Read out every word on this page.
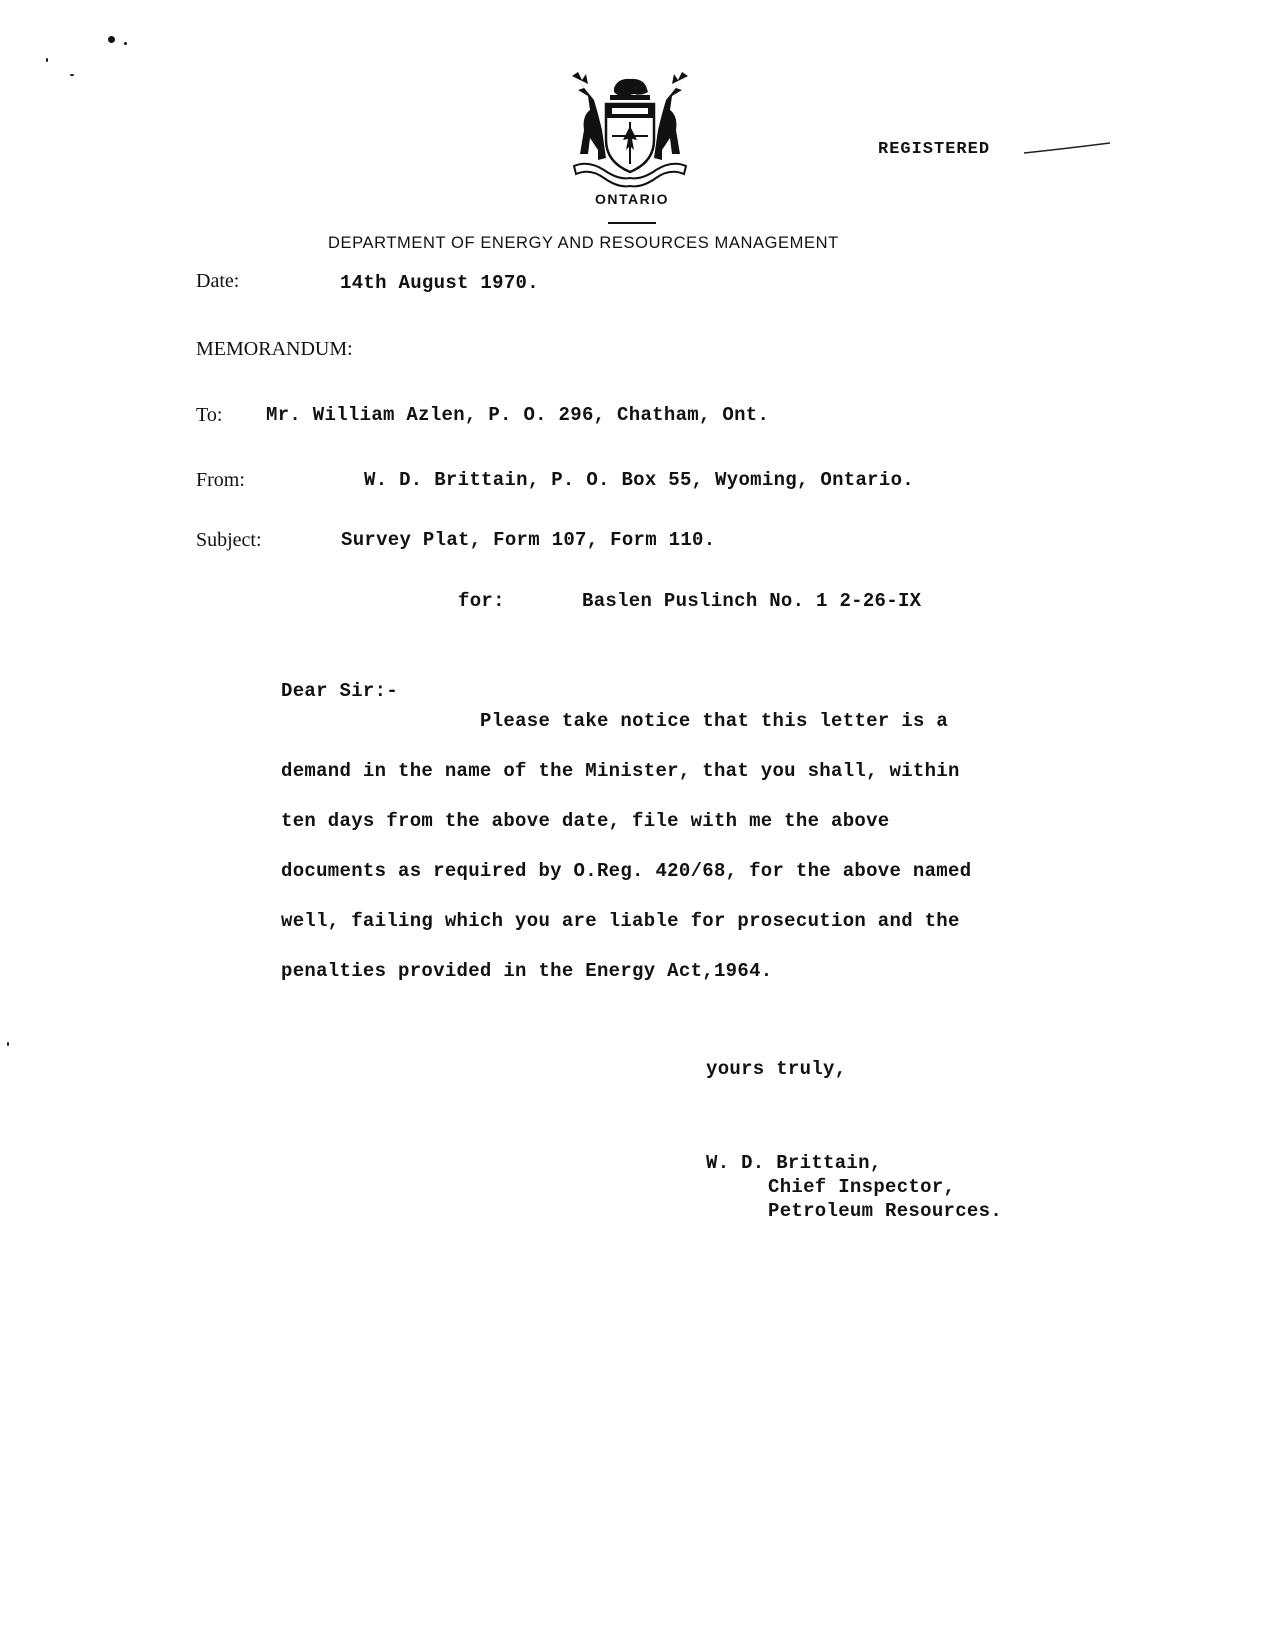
ONTARIO
DEPARTMENT OF ENERGY AND RESOURCES MANAGEMENT
REGISTERED
Date:	14th August 1970.
MEMORANDUM:
To: Mr. William Azlen, P. O. 296, Chatham, Ont.
From:	W. D. Brittain, P. O. Box 55, Wyoming, Ontario.
Subject:	Survey Plat, Form 107, Form 110.
for:	Baslen Puslinch No. 1 2-26-IX
Dear Sir:-
Please take notice that this letter is a
demand in the name of the Minister, that you shall, within
ten days from the above date, file with me the above
documents as required by O.Reg. 420/68, for the above named
well, failing which you are liable for prosecution and the
penalties provided in the Energy Act,1964.
yours truly,
W. D. Brittain,
Chief Inspector,
Petroleum Resources.
